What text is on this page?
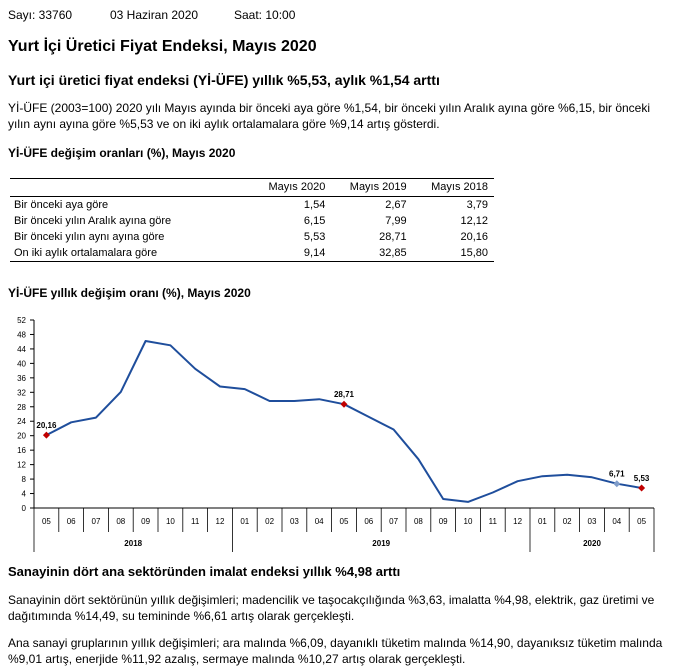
Sayı: 33760	03 Haziran 2020	Saat: 10:00
Yurt İçi Üretici Fiyat Endeksi, Mayıs 2020
Yurt içi üretici fiyat endeksi (Yİ-ÜFE) yıllık %5,53, aylık %1,54 arttı
Yİ-ÜFE (2003=100) 2020 yılı Mayıs ayında bir önceki aya göre %1,54, bir önceki yılın Aralık ayına göre %6,15, bir önceki
yılın aynı ayına göre %5,53 ve on iki aylık ortalamalara göre %9,14 artış gösterdi.
Yİ-ÜFE değişim oranları (%), Mayıs 2020
	Mayıs 2020	Mayıs 2019	Mayıs 2018
Bir önceki aya göre	1,54	2,67	3,79
Bir önceki yılın Aralık ayına göre	6,15	7,99	12,12
Bir önceki yılın aynı ayına göre	5,53	28,71	20,16
On iki aylık ortalamalara göre	9,14	32,85	15,80
Yİ-ÜFE yıllık değişim oranı (%), Mayıs 2020
0
4
8
12
16
20
24
28
32
36
40
44
48
52
05 06 07 08 09 10 11 12 01 02 03 04 05 06 07 08 09 10 11 12 01 02 03 04 05
2018	2019	2020
20,16
28,71
6,71 5,53
Sanayinin dört ana sektöründen imalat endeksi yıllık %4,98 arttı
Sanayinin dört sektörünün yıllık değişimleri; madencilik ve taşocakçılığında %3,63, imalatta %4,98, elektrik, gaz üretimi ve
dağıtımında %14,49, su temininde %6,61 artış olarak gerçekleşti.
Ana sanayi gruplarının yıllık değişimleri; ara malında %6,09, dayanıklı tüketim malında %14,90, dayanıksız tüketim malında
%9,01 artış, enerjide %11,92 azalış, sermaye malında %10,27 artış olarak gerçekleşti.
